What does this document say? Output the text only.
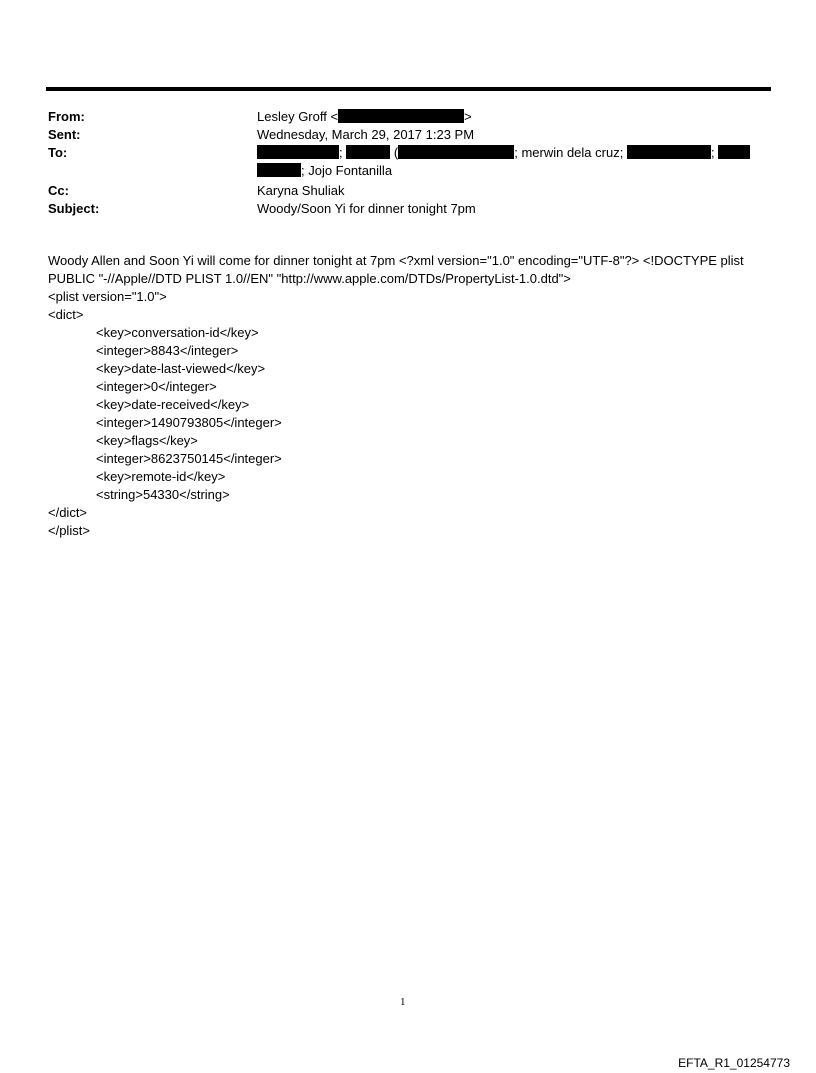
From:	Lesley Groff <	>
Sent:	Wednesday, March 29, 2017 1:23 PM
To:	;	(	; merwin dela cruz;	;
; Jojo Fontanilla
Cc:	Karyna Shuliak
Subject:	Woody/Soon Yi for dinner tonight 7pm
Woody Allen and Soon Yi will come for dinner tonight at 7pm <?xml version="1.0" encoding="UTF-8"?> <!DOCTYPE plist
PUBLIC "-//Apple//DTD PLIST 1.0//EN" "http://www.apple.com/DTDs/PropertyList-1.0.dtd">
<plist version="1.0">
<dict>
<key>conversation-id</key>
<integer>8843</integer>
<key>date-last-viewed</key>
<integer>0</integer>
<key>date-received</key>
<integer>1490793805</integer>
<key>flags</key>
<integer>8623750145</integer>
<key>remote-id</key>
<string>54330</string>
</dict>
</plist>
1
EFTA_R1_01254773
